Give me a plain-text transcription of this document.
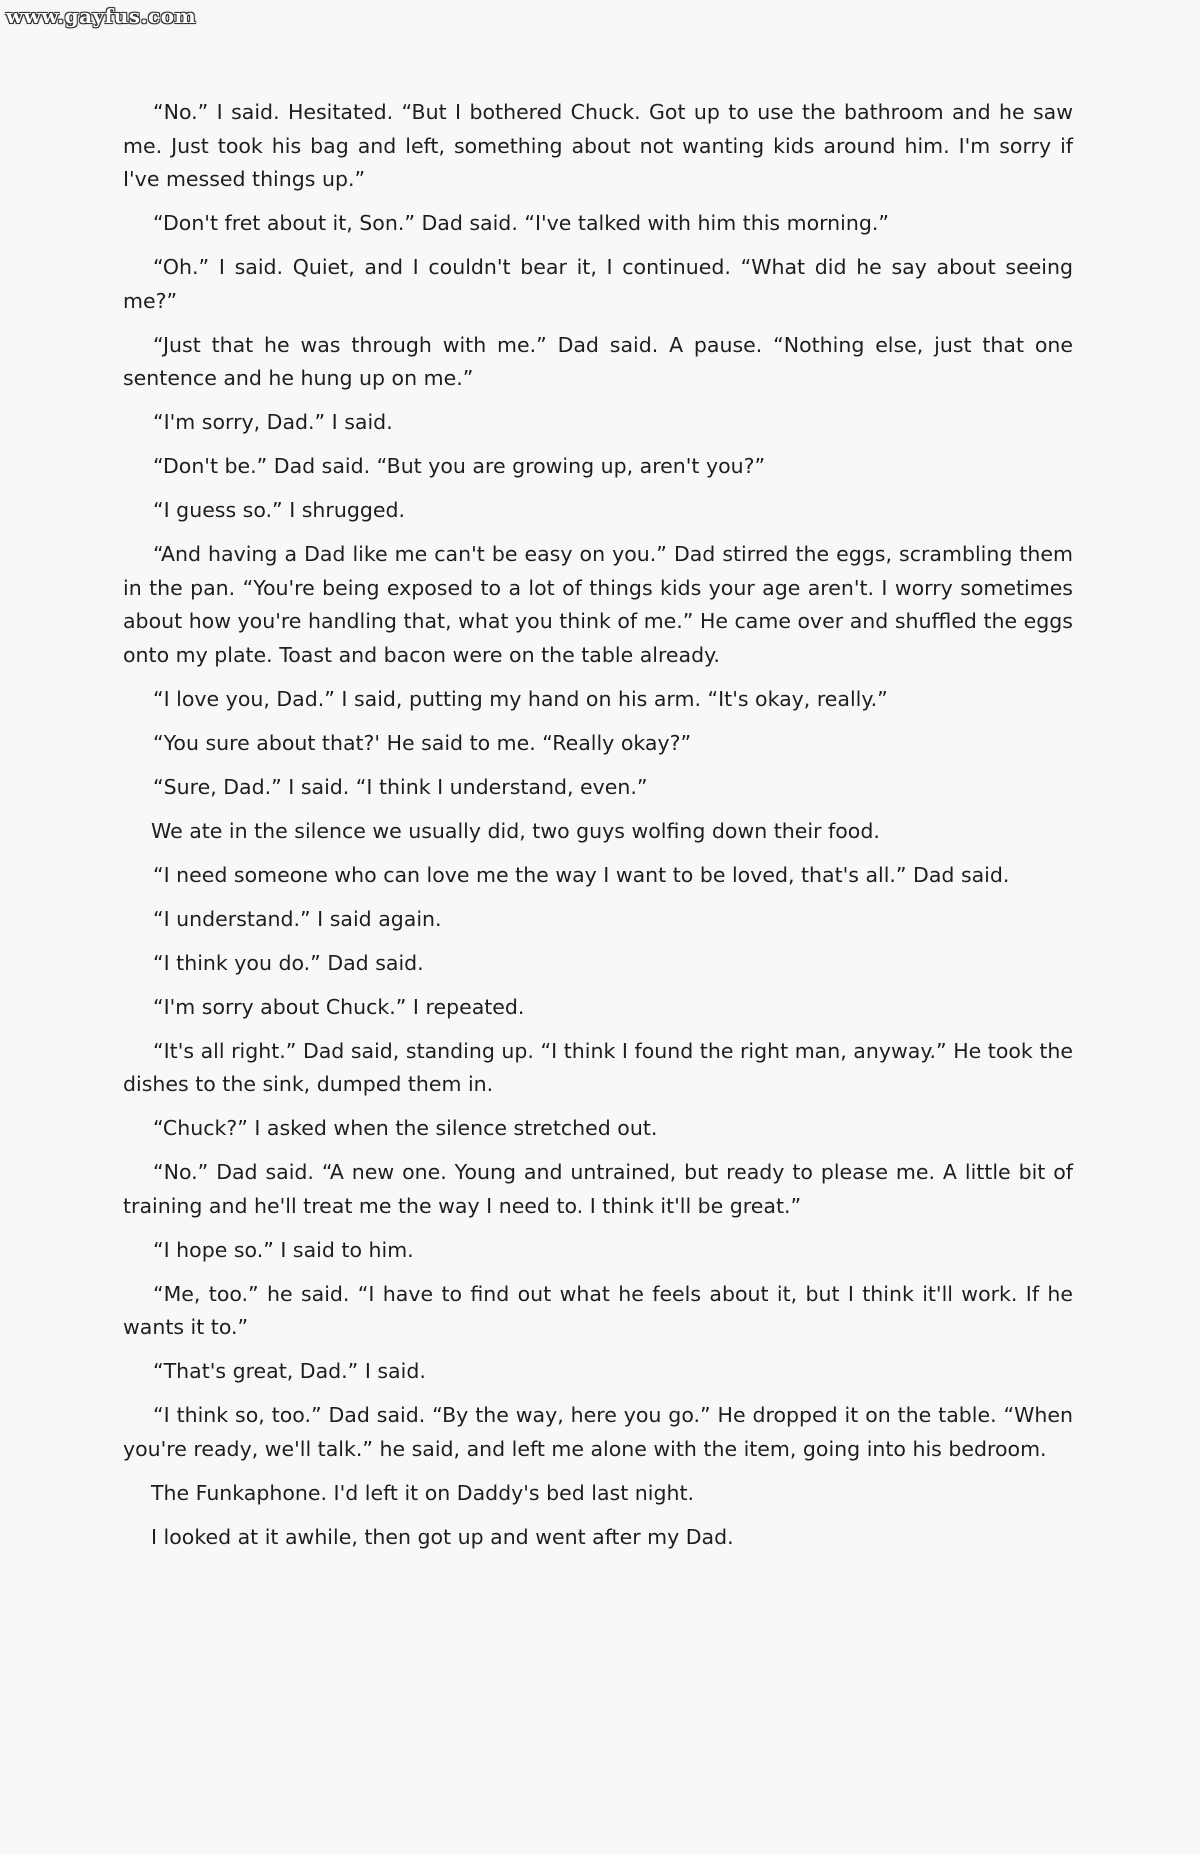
www.gayfus.com

“No.” I said. Hesitated. “But I bothered Chuck. Got up to use the bathroom and he saw me. Just took his bag and left, something about not wanting kids around him. I'm sorry if I've messed things up.”

“Don't fret about it, Son.” Dad said. “I've talked with him this morning.”

“Oh.” I said. Quiet, and I couldn't bear it, I continued. “What did he say about seeing me?”

“Just that he was through with me.” Dad said. A pause. “Nothing else, just that one sentence and he hung up on me.”

“I'm sorry, Dad.” I said.

“Don't be.” Dad said. “But you are growing up, aren't you?”

“I guess so.” I shrugged.

“And having a Dad like me can't be easy on you.” Dad stirred the eggs, scrambling them in the pan. “You're being exposed to a lot of things kids your age aren't. I worry sometimes about how you're handling that, what you think of me.” He came over and shuffled the eggs onto my plate. Toast and bacon were on the table already.

“I love you, Dad.” I said, putting my hand on his arm. “It's okay, really.”

“You sure about that?' He said to me. “Really okay?”

“Sure, Dad.” I said. “I think I understand, even.”

We ate in the silence we usually did, two guys wolfing down their food.

“I need someone who can love me the way I want to be loved, that's all.” Dad said.

“I understand.” I said again.

“I think you do.” Dad said.

“I'm sorry about Chuck.” I repeated.

“It's all right.” Dad said, standing up. “I think I found the right man, anyway.” He took the dishes to the sink, dumped them in.

“Chuck?” I asked when the silence stretched out.

“No.” Dad said. “A new one. Young and untrained, but ready to please me. A little bit of training and he'll treat me the way I need to. I think it'll be great.”

“I hope so.” I said to him.

“Me, too.” he said. “I have to find out what he feels about it, but I think it'll work. If he wants it to.”

“That's great, Dad.” I said.

“I think so, too.” Dad said. “By the way, here you go.” He dropped it on the table. “When you're ready, we'll talk.” he said, and left me alone with the item, going into his bedroom.

The Funkaphone. I'd left it on Daddy's bed last night.

I looked at it awhile, then got up and went after my Dad.
